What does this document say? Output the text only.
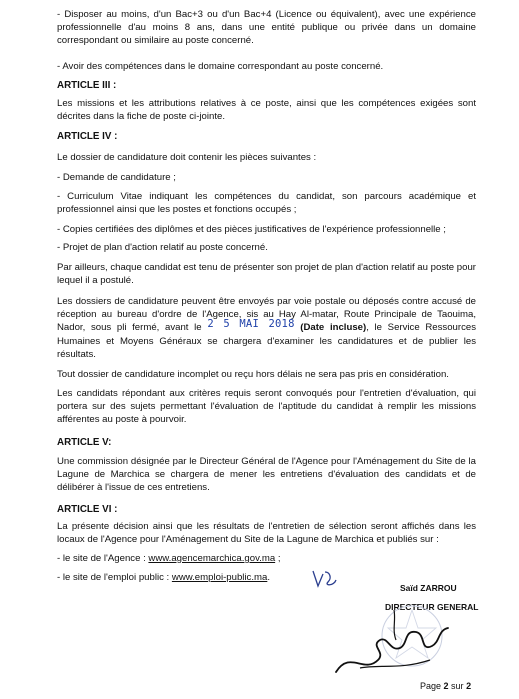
- Disposer au moins, d'un Bac+3 ou d'un Bac+4 (Licence ou équivalent), avec une expérience professionnelle d'au moins 8 ans, dans une entité publique ou privée dans un domaine correspondant ou similaire au poste concerné.

- Avoir des compétences dans le domaine correspondant au poste concerné.

ARTICLE III :

Les missions et les attributions relatives à ce poste, ainsi que les compétences exigées sont décrites dans la fiche de poste ci-jointe.

ARTICLE IV :

Le dossier de candidature doit contenir les pièces suivantes :

- Demande de candidature ;

- Curriculum Vitae indiquant les compétences du candidat, son parcours académique et professionnel ainsi que les postes et fonctions occupés ;

- Copies certifiées des diplômes et des pièces justificatives de l'expérience professionnelle ;

- Projet de plan d'action relatif au poste concerné.

Par ailleurs, chaque candidat est tenu de présenter son projet de plan d'action relatif au poste pour lequel il a postulé.

Les dossiers de candidature peuvent être envoyés par voie postale ou déposés contre accusé de réception au bureau d'ordre de l'Agence, sis au Hay Al-matar, Route Principale de Taouima, Nador, sous pli fermé, avant le 2 5 MAI 2018 (Date incluse), le Service Ressources Humaines et Moyens Généraux se chargera d'examiner les candidatures et de publier les résultats.

Tout dossier de candidature incomplet ou reçu hors délais ne sera pas pris en considération.

Les candidats répondant aux critères requis seront convoqués pour l'entretien d'évaluation, qui portera sur des sujets permettant l'évaluation de l'aptitude du candidat à remplir les missions afférentes au poste à pourvoir.

ARTICLE V:

Une commission désignée par le Directeur Général de l'Agence pour l'Aménagement du Site de la Lagune de Marchica se chargera de mener les entretiens d'évaluation des candidats et de délibérer à l'issue de ces entretiens.

ARTICLE VI :

La présente décision ainsi que les résultats de l'entretien de sélection seront affichés dans les locaux de l'Agence pour l'Aménagement du Site de la Lagune de Marchica et publiés sur :

- le site de l'Agence : www.agencemarchica.gov.ma ;

- le site de l'emploi public : www.emploi-public.ma.

Saïd ZARROU
DIRECTEUR GENERAL
Page 2 sur 2
